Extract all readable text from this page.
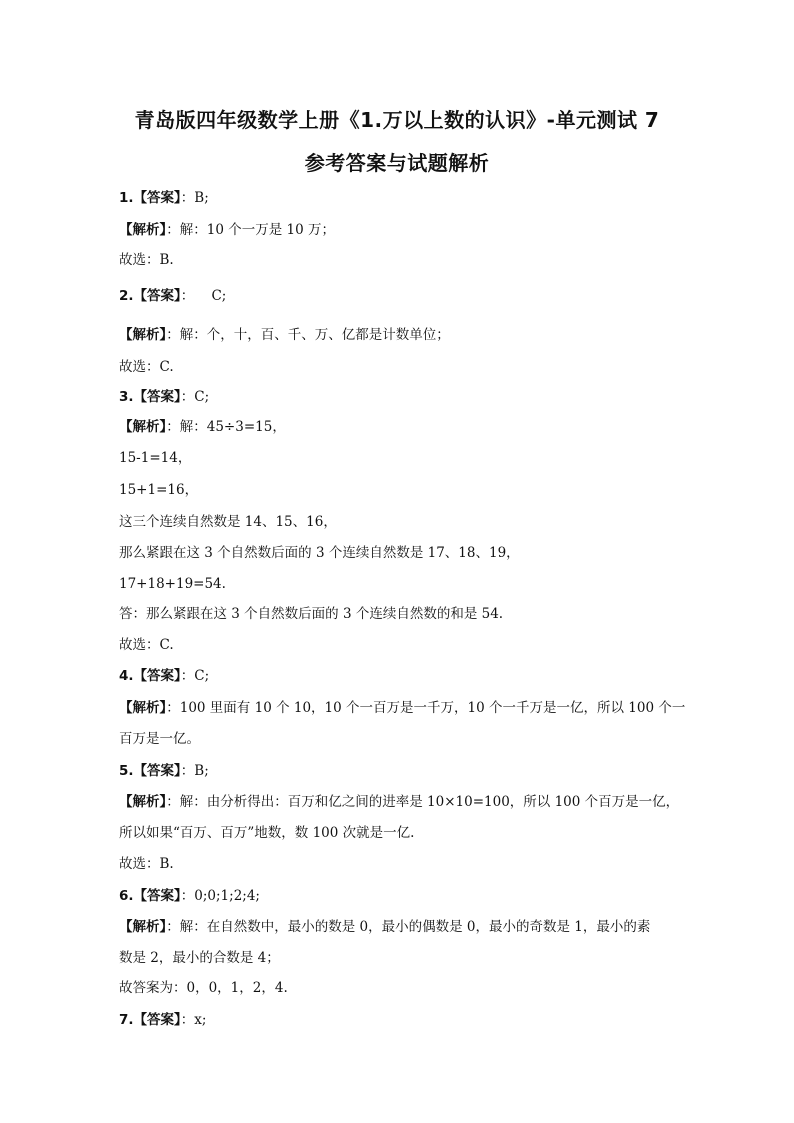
青岛版四年级数学上册《1.万以上数的认识》-单元测试 7
参考答案与试题解析
1.【答案】：B;
【解析】：解：10 个一万是 10 万；
故选：B.
2.【答案】：    C;
【解析】：解：个，十，百、千、万、亿都是计数单位；
故选：C.
3.【答案】：C;
【解析】：解：45÷3=15，
15-1=14，
15+1=16，
这三个连续自然数是 14、15、16，
那么紧跟在这 3 个自然数后面的 3 个连续自然数是 17、18、19，
17+18+19=54.
答：那么紧跟在这 3 个自然数后面的 3 个连续自然数的和是 54.
故选：C.
4.【答案】：C;
【解析】：100 里面有 10 个 10，10 个一百万是一千万，10 个一千万是一亿，所以 100 个一
百万是一亿。
5.【答案】：B;
【解析】：解：由分析得出：百万和亿之间的进率是 10×10=100，所以 100 个百万是一亿，
所以如果“百万、百万”地数，数 100 次就是一亿.
故选：B.
6.【答案】：0;0;1;2;4;
【解析】：解：在自然数中，最小的数是 0，最小的偶数是 0，最小的奇数是 1，最小的素
数是 2，最小的合数是 4；
故答案为：0，0，1，2，4.
7.【答案】：x;
